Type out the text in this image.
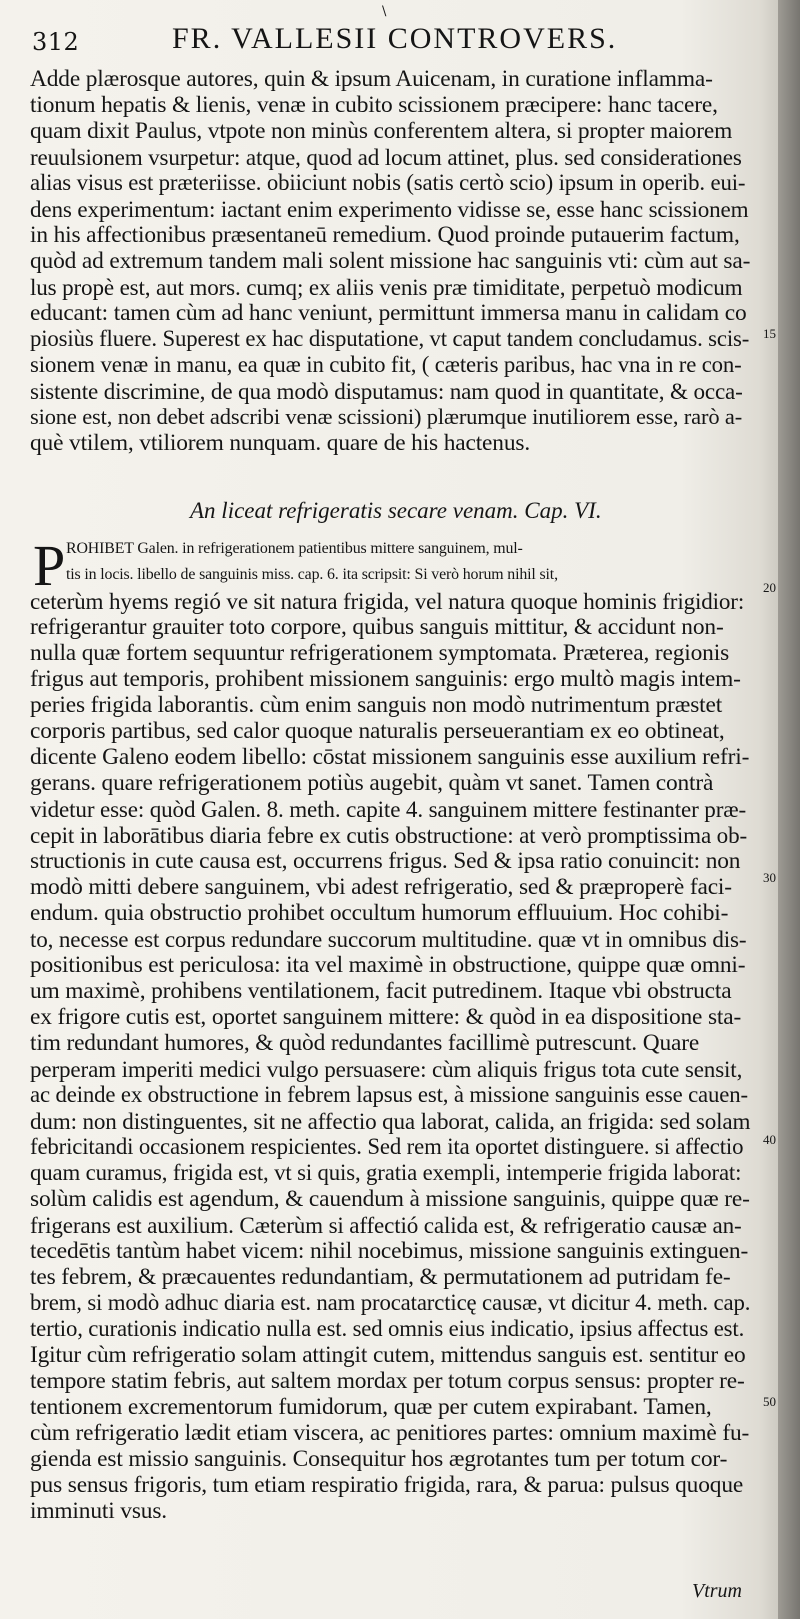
\
312	FR. VALLESII CONTROVERS.
Adde plærosque autores, quin & ipsum Auicenam, in curatione inflamma-
tionum hepatis & lienis, venæ in cubito scissionem præcipere: hanc tacere,
quam dixit Paulus, vtpote non minùs conferentem altera, si propter maiorem
reuulsionem vsurpetur: atque, quod ad locum attinet, plus. sed considerationes
alias visus est præteriisse. obiiciunt nobis (satis certò scio) ipsum in operib. eui-
dens experimentum: iactant enim experimento vidisse se, esse hanc scissionem
in his affectionibus præsentaneū remedium. Quod proinde putauerim factum,
quòd ad extremum tandem mali solent missione hac sanguinis vti: cùm aut sa-
lus propè est, aut mors. cumq; ex aliis venis præ timiditate, perpetuò modicum
educant: tamen cùm ad hanc veniunt, permittunt immersa manu in calidam co
piosiùs fluere. Superest ex hac disputatione, vt caput tandem concludamus. scis-
sionem venæ in manu, ea quæ in cubito fit, ( cæteris paribus, hac vna in re con-
sistente discrimine, de qua modò disputamus: nam quod in quantitate, & occa-
sione est, non debet adscribi venæ scissioni) plærumque inutiliorem esse, rarò a-
què vtilem, vtiliorem nunquam. quare de his hactenus.
An liceat refrigeratis secare venam. Cap. VI.
P ROHIBET Galen. in refrigerationem patientibus mittere sanguinem, mul-
tis in locis. libello de sanguinis miss. cap. 6. ita scripsit: Si verò horum nihil sit,
ceterùm hyems regió ve sit natura frigida, vel natura quoque hominis frigidior:
refrigerantur grauiter toto corpore, quibus sanguis mittitur, & accidunt non-
nulla quæ fortem sequuntur refrigerationem symptomata. Præterea, regionis
frigus aut temporis, prohibent missionem sanguinis: ergo multò magis intem-
peries frigida laborantis. cùm enim sanguis non modò nutrimentum præstet
corporis partibus, sed calor quoque naturalis perseuerantiam ex eo obtineat,
dicente Galeno eodem libello: cōstat missionem sanguinis esse auxilium refri-
gerans. quare refrigerationem potiùs augebit, quàm vt sanet. Tamen contrà
videtur esse: quòd Galen. 8. meth. capite 4. sanguinem mittere festinanter præ-
cepit in laborātibus diaria febre ex cutis obstructione: at verò promptissima ob-
structionis in cute causa est, occurrens frigus. Sed & ipsa ratio conuincit: non
modò mitti debere sanguinem, vbi adest refrigeratio, sed & præproperè faci-
endum. quia obstructio prohibet occultum humorum effluuium. Hoc cohibi-
to, necesse est corpus redundare succorum multitudine. quæ vt in omnibus dis-
positionibus est periculosa: ita vel maximè in obstructione, quippe quæ omni-
um maximè, prohibens ventilationem, facit putredinem. Itaque vbi obstructa
ex frigore cutis est, oportet sanguinem mittere: & quòd in ea dispositione sta-
tim redundant humores, & quòd redundantes facillimè putrescunt. Quare
perperam imperiti medici vulgo persuasere: cùm aliquis frigus tota cute sensit,
ac deinde ex obstructione in febrem lapsus est, à missione sanguinis esse cauen-
dum: non distinguentes, sit ne affectio qua laborat, calida, an frigida: sed solam
febricitandi occasionem respicientes. Sed rem ita oportet distinguere. si affectio
quam curamus, frigida est, vt si quis, gratia exempli, intemperie frigida laborat:
solùm calidis est agendum, & cauendum à missione sanguinis, quippe quæ re-
frigerans est auxilium. Cæterùm si affectió calida est, & refrigeratio causæ an-
tecedētis tantùm habet vicem: nihil nocebimus, missione sanguinis extinguen-
tes febrem, & præcauentes redundantiam, & permutationem ad putridam fe-
brem, si modò adhuc diaria est. nam procatarcticę causæ, vt dicitur 4. meth. cap.
tertio, curationis indicatio nulla est. sed omnis eius indicatio, ipsius affectus est.
Igitur cùm refrigeratio solam attingit cutem, mittendus sanguis est. sentitur eo
tempore statim febris, aut saltem mordax per totum corpus sensus: propter re-
tentionem excrementorum fumidorum, quæ per cutem expirabant. Tamen,
cùm refrigeratio lædit etiam viscera, ac penitiores partes: omnium maximè fu-
gienda est missio sanguinis. Consequitur hos ægrotantes tum per totum cor-
pus sensus frigoris, tum etiam respiratio frigida, rara, & parua: pulsus quoque
imminuti vsus.
15
20
30
40
50
Vtrum
